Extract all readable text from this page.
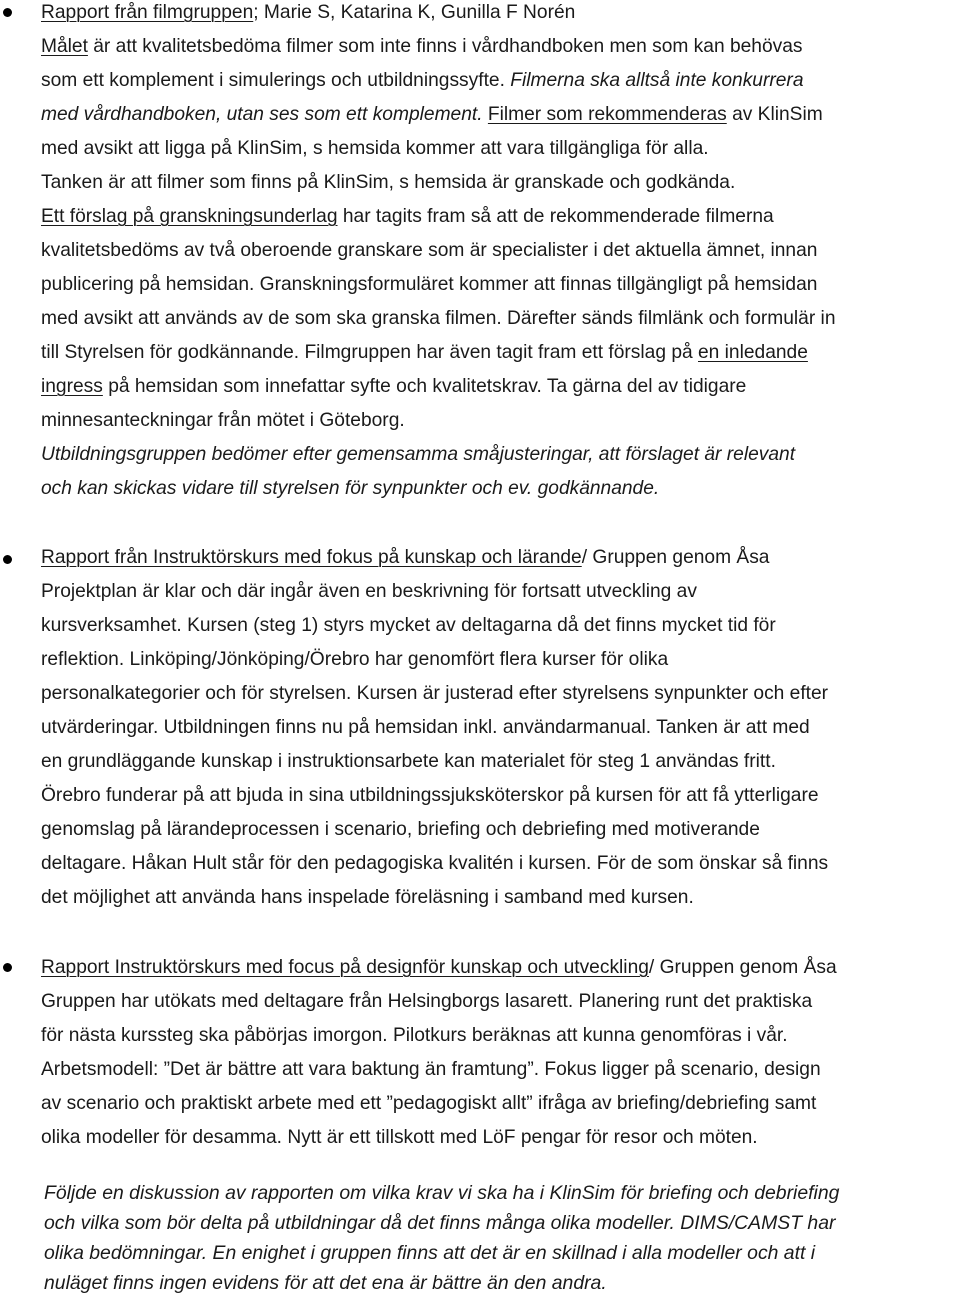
Rapport från filmgruppen; Marie S, Katarina K, Gunilla F Norén
Målet är att kvalitetsbedöma filmer som inte finns i vårdhandboken men som kan behövas
som ett komplement i simulerings och utbildningssyfte. Filmerna ska alltså inte konkurrera
med vårdhandboken, utan ses som ett komplement. Filmer som rekommenderas av KlinSim
med avsikt att ligga på KlinSim, s hemsida kommer att vara tillgängliga för alla.
Tanken är att filmer som finns på KlinSim, s hemsida är granskade och godkända.
Ett förslag på granskningsunderlag har tagits fram så att de rekommenderade filmerna
kvalitetsbedöms av två oberoende granskare som är specialister i det aktuella ämnet, innan
publicering på hemsidan. Granskningsformuläret kommer att finnas tillgängligt på hemsidan
med avsikt att används av de som ska granska filmen. Därefter sänds filmlänk och formulär in
till Styrelsen för godkännande. Filmgruppen har även tagit fram ett förslag på en inledande
ingress på hemsidan som innefattar syfte och kvalitetskrav. Ta gärna del av tidigare
minnesanteckningar från mötet i Göteborg.
Utbildningsgruppen bedömer efter gemensamma småjusteringar, att förslaget är relevant
och kan skickas vidare till styrelsen för synpunkter och ev. godkännande.
Rapport från Instruktörskurs med fokus på kunskap och lärande/ Gruppen genom Åsa
Projektplan är klar och där ingår även en beskrivning för fortsatt utveckling av
kursverksamhet. Kursen (steg 1) styrs mycket av deltagarna då det finns mycket tid för
reflektion. Linköping/Jönköping/Örebro har genomfört flera kurser för olika
personalkategorier och för styrelsen. Kursen är justerad efter styrelsens synpunkter och efter
utvärderingar. Utbildningen finns nu på hemsidan inkl. användarmanual. Tanken är att med
en grundläggande kunskap i instruktionsarbete kan materialet för steg 1 användas fritt.
Örebro funderar på att bjuda in sina utbildningssjuksköterskor på kursen för att få ytterligare
genomslag på lärandeprocessen i scenario, briefing och debriefing med motiverande
deltagare. Håkan Hult står för den pedagogiska kvalitén i kursen. För de som önskar så finns
det möjlighet att använda hans inspelade föreläsning i samband med kursen.
Rapport Instruktörskurs med focus på designför kunskap och utveckling/ Gruppen genom Åsa
Gruppen har utökats med deltagare från Helsingborgs lasarett. Planering runt det praktiska
för nästa kurssteg ska påbörjas imorgon. Pilotkurs beräknas att kunna genomföras i vår.
Arbetsmodell: ”Det är bättre att vara baktung än framtung”. Fokus ligger på scenario, design
av scenario och praktiskt arbete med ett ”pedagogiskt allt” ifråga av briefing/debriefing samt
olika modeller för desamma. Nytt är ett tillskott med LöF pengar för resor och möten.
Följde en diskussion av rapporten om vilka krav vi ska ha i KlinSim för briefing och debriefing
och vilka som bör delta på utbildningar då det finns många olika modeller. DIMS/CAMST har
olika bedömningar. En enighet i gruppen finns att det är en skillnad i alla modeller och att i
nuläget finns ingen evidens för att det ena är bättre än den andra.
